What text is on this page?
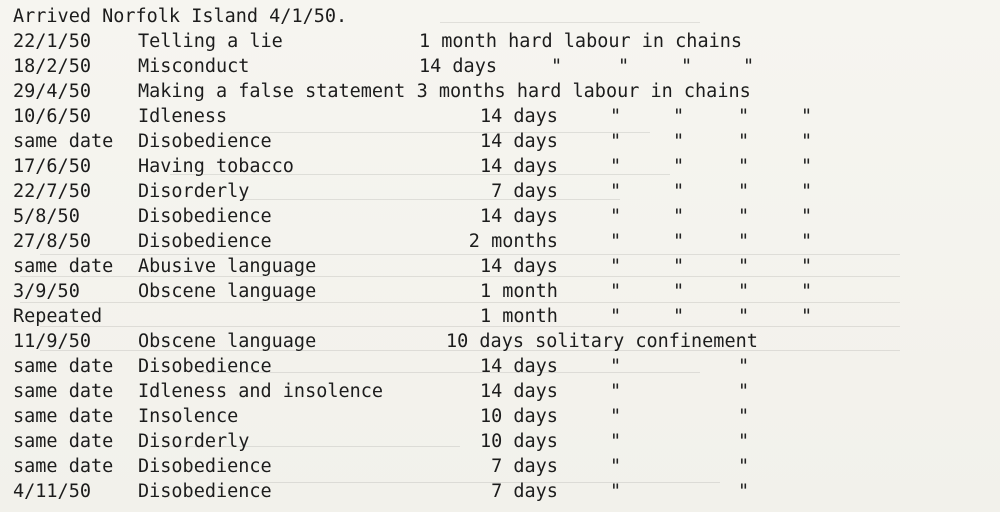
Arrived Norfolk Island 4/1/50.
22/1/50	Telling a lie	1 month hard labour in chains
18/2/50	Misconduct	14 days	"	"	"	"
29/4/50	Making a false statement 3 months hard labour in chains
10/6/50	Idleness	14 days	"	"	"	"
same date Disobedience	14 days	"	"	"	"
17/6/50	Having tobacco	14 days	"	"	"	"
22/7/50	Disorderly	7 days	"	"	"	"
5/8/50	Disobedience	14 days	"	"	"	"
27/8/50	Disobedience	2 months	"	"	"	"
same date Abusive language	14 days	"	"	"	"
3/9/50	Obscene language	1 month	"	"	"	"
Repeated	1 month	"	"	"	"
11/9/50	Obscene language	10 days solitary confinement
same date Disobedience	14 days	"	"
same date Idleness and insolence	14 days	"	"
same date Insolence	10 days	"	"
same date Disorderly	10 days	"	"
same date Disobedience	7 days	"	"
4/11/50	Disobedience	7 days	"	"
